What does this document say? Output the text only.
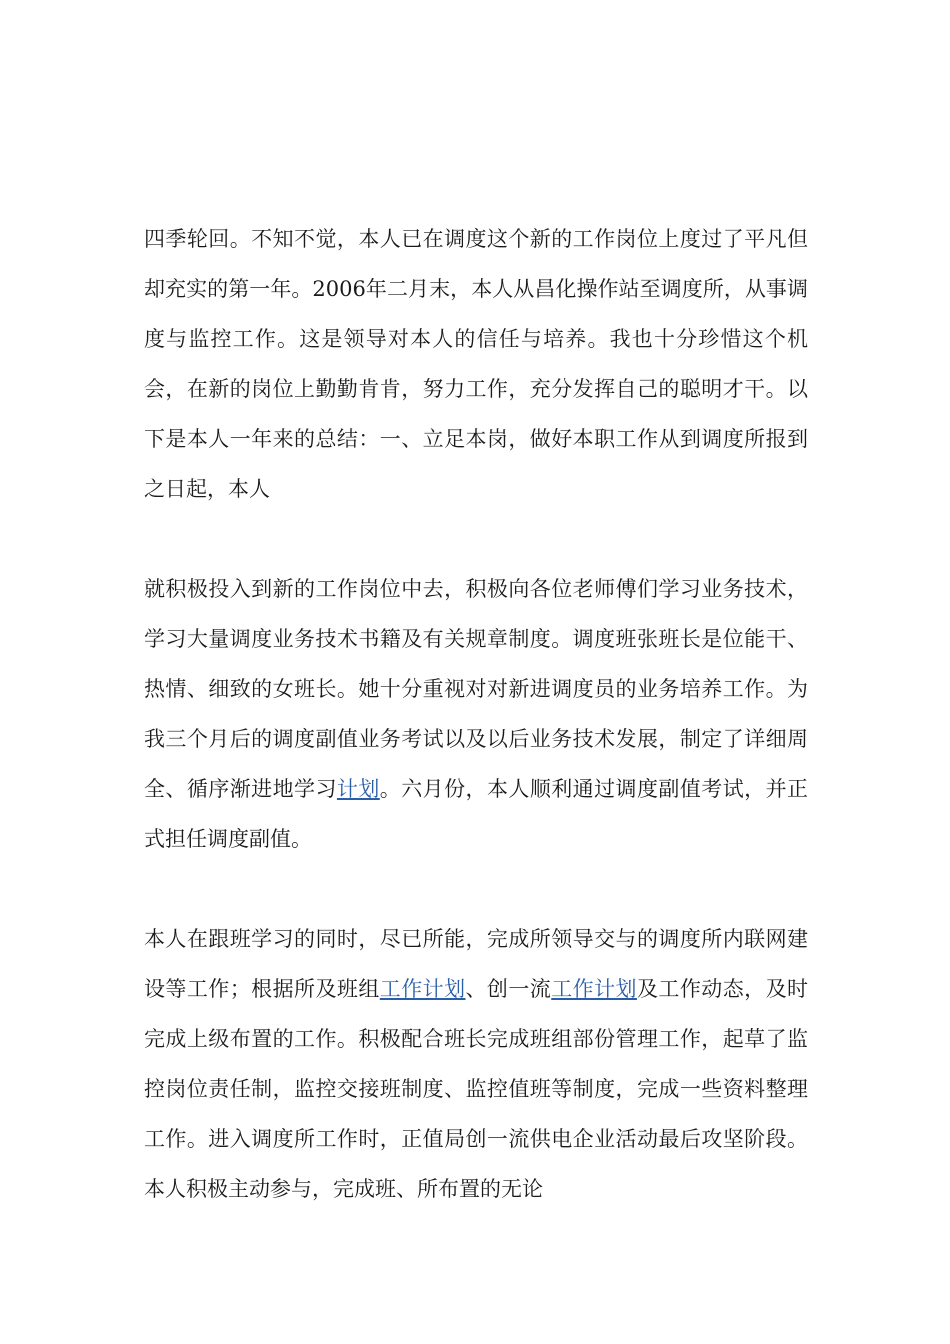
四季轮回。不知不觉，本人已在调度这个新的工作岗位上度过了平凡但却充实的第一年。2006年二月末，本人从昌化操作站至调度所，从事调度与监控工作。这是领导对本人的信任与培养。我也十分珍惜这个机会，在新的岗位上勤勤肯肯，努力工作，充分发挥自己的聪明才干。以下是本人一年来的总结：一、立足本岗，做好本职工作从到调度所报到之日起，本人

就积极投入到新的工作岗位中去，积极向各位老师傅们学习业务技术，学习大量调度业务技术书籍及有关规章制度。调度班张班长是位能干、热情、细致的女班长。她十分重视对对新进调度员的业务培养工作。为我三个月后的调度副值业务考试以及以后业务技术发展，制定了详细周全、循序渐进地学习计划。六月份，本人顺利通过调度副值考试，并正式担任调度副值。

本人在跟班学习的同时，尽已所能，完成所领导交与的调度所内联网建设等工作；根据所及班组工作计划、创一流工作计划及工作动态，及时完成上级布置的工作。积极配合班长完成班组部份管理工作，起草了监控岗位责任制，监控交接班制度、监控值班等制度，完成一些资料整理工作。进入调度所工作时，正值局创一流供电企业活动最后攻坚阶段。本人积极主动参与，完成班、所布置的无论
